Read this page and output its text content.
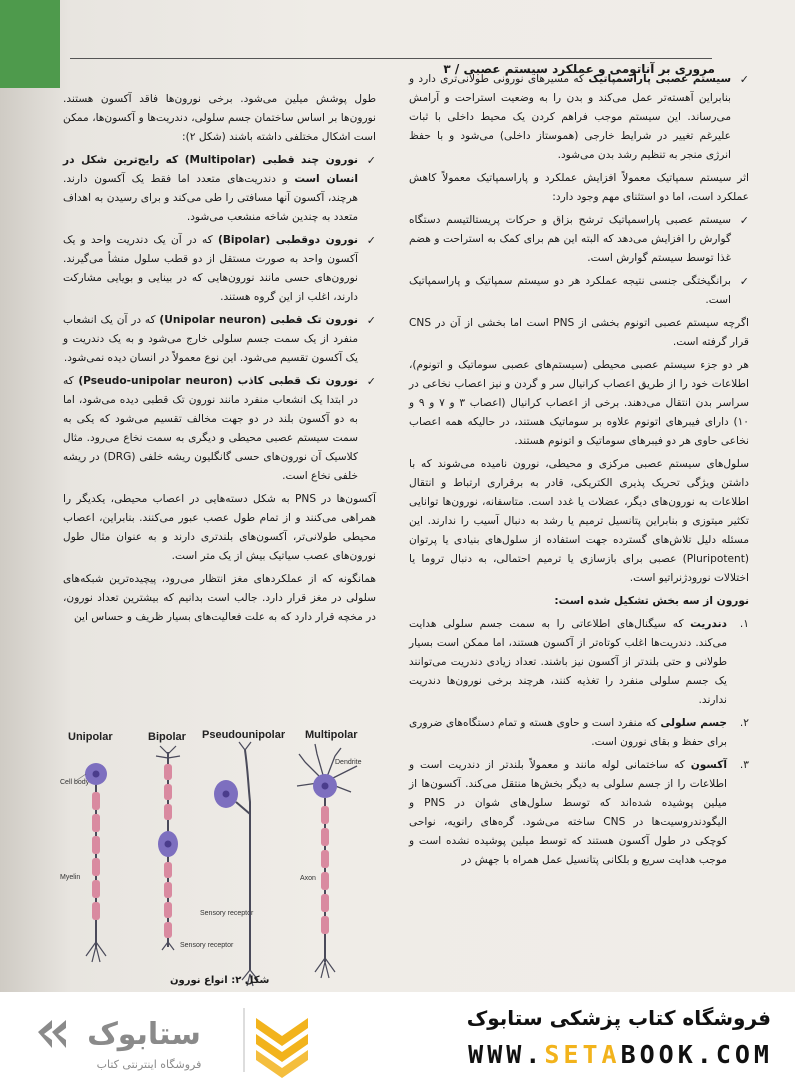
مروری بر آناتومی و عملکرد سیستم عصبی / ۳

✓ سیستم عصبی پاراسمپاتیک که مسیرهای نورونی طولانی‌تری دارد و بنابراین آهسته‌تر عمل می‌کند و بدن را به وضعیت استراحت و آرامش می‌رساند. این سیستم موجب فراهم کردن یک محیط داخلی با ثبات علیرغم تغییر در شرایط خارجی (هموستاز داخلی) می‌شود و با حفظ انرژی منجر به تنظیم رشد بدن می‌شود.

اثر سیستم سمپاتیک معمولاً افزایش عملکرد و پاراسمپاتیک معمولاً کاهش عملکرد است، اما دو استثنای مهم وجود دارد:

✓ سیستم عصبی پاراسمپاتیک ترشح بزاق و حرکات پریستالتیسم دستگاه گوارش را افزایش می‌دهد که البته این هم برای کمک به استراحت و هضم غذا توسط سیستم گوارش است.

✓ برانگیختگی جنسی نتیجه عملکرد هر دو سیستم سمپاتیک و پاراسمپاتیک است.

اگرچه سیستم عصبی اتونوم بخشی از PNS است اما بخشی از آن در CNS قرار گرفته است.

هر دو جزء سیستم عصبی محیطی (سیستم‌های عصبی سوماتیک و اتونوم)، اطلاعات خود را از طریق اعصاب کرانیال سر و گردن و نیز اعصاب نخاعی در سراسر بدن انتقال می‌دهند. برخی از اعصاب کرانیال (اعصاب ۳ و ۷ و ۹ و ۱۰) دارای فیبرهای اتونوم علاوه بر سوماتیک هستند، در حالیکه همه اعصاب نخاعی حاوی هر دو فیبرهای سوماتیک و اتونوم هستند.

سلول‌های سیستم عصبی مرکزی و محیطی، نورون نامیده می‌شوند که با داشتن ویژگی تحریک پذیری الکتریکی، قادر به برقراری ارتباط و انتقال اطلاعات به نورون‌های دیگر، عضلات یا غدد است. متاسفانه، نورون‌ها توانایی تکثیر میتوزی و بنابراین پتانسیل ترمیم یا رشد به دنبال آسیب را ندارند. این مسئله دلیل تلاش‌های گسترده جهت استفاده از سلول‌های بنیادی یا پرتوان (Pluripotent) عصبی برای بازسازی یا ترمیم احتمالی، به دنبال تروما یا اختلالات نورودژنراتیو است.

نورون از سه بخش تشکیل شده است:

۱.
دندریت که سیگنال‌های اطلاعاتی را به سمت جسم سلولی هدایت می‌کند. دندریت‌ها اغلب کوتاه‌تر از آکسون هستند، اما ممکن است بسیار طولانی و حتی بلندتر از آکسون نیز باشند. تعداد زیادی دندریت می‌توانند یک جسم سلولی منفرد را تغذیه کنند، هرچند برخی نورون‌ها دندریت ندارند.

۲.
جسم سلولی که منفرد است و حاوی هسته و تمام دستگاه‌های ضروری برای حفظ و بقای نورون است.

۳.
آکسون که ساختمانی لوله مانند و معمولاً بلندتر از دندریت است و اطلاعات را از جسم سلولی به دیگر بخش‌ها منتقل می‌کند. آکسون‌ها از میلین پوشیده شده‌اند که توسط سلول‌های شوان در PNS و الیگودندروسیت‌ها در CNS ساخته می‌شود. گره‌های رانویه، نواحی کوچکی در طول آکسون هستند که توسط میلین پوشیده نشده است و موجب هدایت سریع و بلکانی پتانسیل عمل همراه با جهش در

طول پوشش میلین می‌شود. برخی نورون‌ها فاقد آکسون هستند. نورون‌ها بر اساس ساختمان جسم سلولی، دندریت‌ها و آکسون‌ها، ممکن است اشکال مختلفی داشته باشند (شکل ۲):

✓ نورون چند قطبی (Multipolar) که رایج‌ترین شکل در انسان است و دندریت‌های متعدد اما فقط یک آکسون دارند. هرچند، آکسون آنها مسافتی را طی می‌کند و برای رسیدن به اهداف متعدد به چندین شاخه منشعب می‌شود.

✓ نورون دوقطبی (Bipolar) که در آن یک دندریت واحد و یک آکسون واحد به صورت مستقل از دو قطب سلول منشأ می‌گیرند. نورون‌های حسی مانند نورون‌هایی که در بینایی و بویایی مشارکت دارند، اغلب از این گروه هستند.

✓ نورون تک قطبی (Unipolar neuron) که در آن یک انشعاب منفرد از یک سمت جسم سلولی خارج می‌شود و به یک دندریت و یک آکسون تقسیم می‌شود. این نوع معمولاً در انسان دیده نمی‌شود.

✓ نورون تک قطبی کاذب (Pseudo-unipolar neuron) که در ابتدا یک انشعاب منفرد مانند نورون تک قطبی دیده می‌شود، اما به دو آکسون بلند در دو جهت مخالف تقسیم می‌شود که یکی به سمت سیستم عصبی محیطی و دیگری به سمت نخاع می‌رود. مثال کلاسیک آن نورون‌های حسی گانگلیون ریشه خلفی (DRG) در ریشه خلفی نخاع است.

آکسون‌ها در PNS به شکل دسته‌هایی در اعصاب محیطی، یکدیگر را همراهی می‌کنند و از تمام طول عصب عبور می‌کنند. بنابراین، اعصاب محیطی طولانی‌تر، آکسون‌های بلندتری دارند و به عنوان مثال طول نورون‌های عصب سیاتیک بیش از یک متر است.

همانگونه که از عملکردهای مغز انتظار می‌رود، پیچیده‌ترین شبکه‌های سلولی در مغز قرار دارد. جالب است بدانیم که بیشترین تعداد نورون، در مخچه قرار دارد که به علت فعالیت‌های بسیار ظریف و حساس این

Unipolar	Bipolar Pseudounipolar Multipolar
Cell body
Myelin	Axon
Dendrite
Sensory receptor
Sensory receptor
شکل ۲: انواع نورون
ستابوک
فروشگاه اینترنتی کتاب
فروشگاه کتاب پزشکی ستابوک
WWW.SETABOOK.COM
